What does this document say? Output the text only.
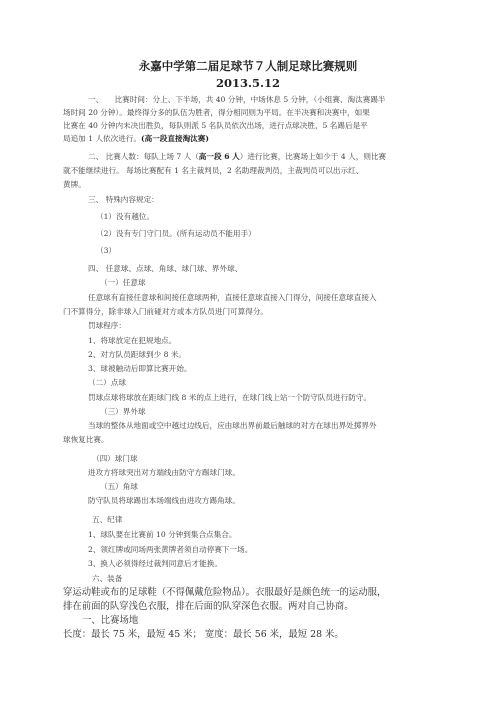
永嘉中学第二届足球节７人制足球比赛规则
2013.5.12
一、　　比赛时间：分上、下半场，共 40 分钟，中场休息 5 分钟，（小组赛、淘汰赛踢半
场时间 20 分钟）。最终得分多的队伍为胜者，得分相同则为平局。在半决赛和决赛中，如果
比赛在 40 分钟内未决出胜负，每队则派 5 名队员依次出场，进行点球决胜，5 名踢后是平
局追加 1 人依次进行。(高一段直接淘汰赛)
二、 比赛人数：每队上场 7 人（高一段 6 人）进行比赛，比赛场上如少于 4 人，则比赛
就不能继续进行。 每场比赛配有 1 名主裁判员，2 名助理裁判员，主裁判员可以出示红、
黄牌。
三、 特殊内容规定：
（1）没有越位。
（2）没有专门守门员。(所有运动员不能用手）
（3）
四、 任意球、点球、角球、球门球、界外球、
（一）任意球
任意球有直接任意球和间接任意球两种，直接任意球直接入门得分，间接任意球直接入
门不算得分，除非球入门前碰对方或本方队员进门可算得分。
罚球程序：
1、将球放定在犯规地点。
2、对方队员距球到少 8 米。
3、球被触动后即算比赛开始。
（二）点球
罚球点球将球放在距球门线 8 米的点上进行，在球门线上站一个防守队员进行防守。
（三）界外球
当球的整体从地面或空中越过边线后，应由球出界前最后触球的对方在球出界处掷界外
球恢复比赛。
（四）球门球
进攻方将球突出对方端线由防守方踢球门球。
（五）角球
防守队员将球踢出本场端线由进攻方踢角球。
五、纪律
1、球队要在比赛前 10 分钟到集合点集合。
2、领红牌或同场两张黄牌者须自动停赛下一场。
3、换人必须得经过裁判同意后才能换。
六、装备
穿运动鞋或布的足球鞋（不得佩戴危险物品）。衣服最好是颜色统一的运动服，
排在前面的队穿浅色衣服，排在后面的队穿深色衣服。两对自己协商。
一、比赛场地
长度：最长 75 米，最短 45 米； 宽度：最长 56 米，最短 28 米。
